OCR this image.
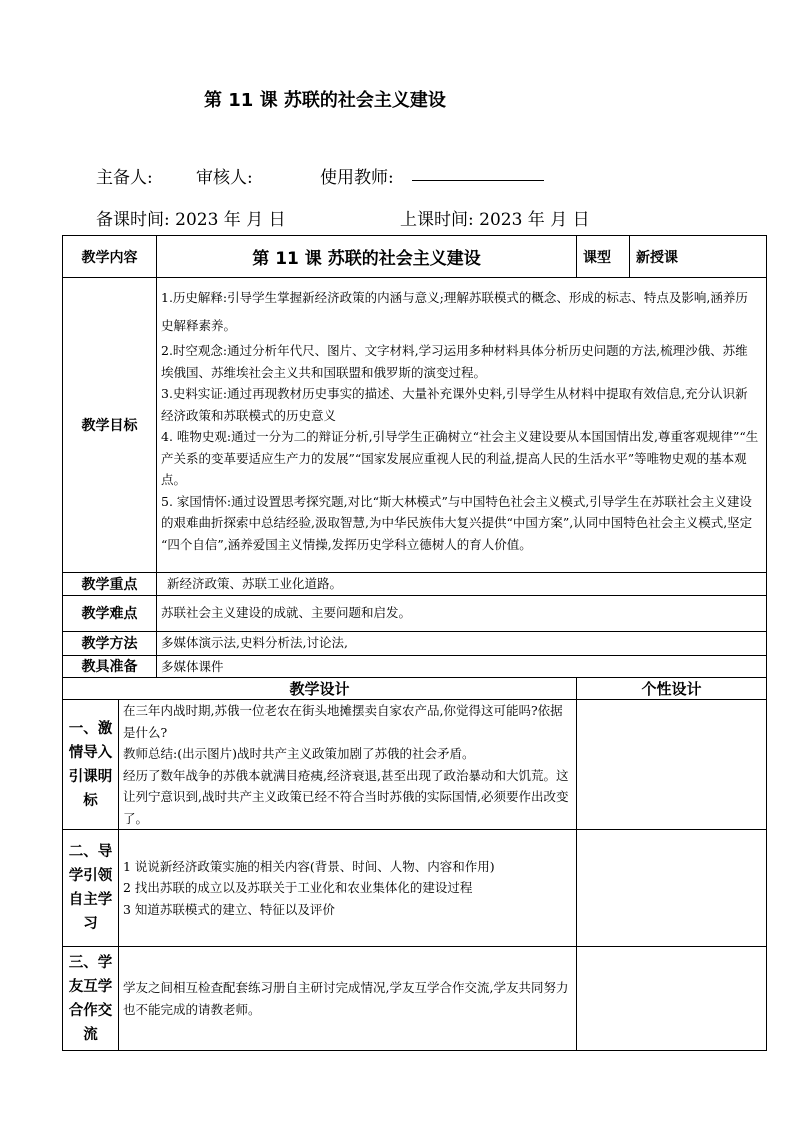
第 11 课 苏联的社会主义建设
主备人:	审核人:	使用教师:
备课时间: 2023 年 月 日	上课时间: 2023 年 月 日
教学内容		第 11 课 苏联的社会主义建设	课型	新授课
教学目标		1.历史解释:引导学生掌握新经济政策的内涵与意义;理解苏联模式的概念、形成的标志、特点及影响,涵养历史解释素养。

2.时空观念:通过分析年代尺、图片、文字材料,学习运用多种材料具体分析历史问题的方法,梳理沙俄、苏维埃俄国、苏维埃社会主义共和国联盟和俄罗斯的演变过程。

3.史料实证:通过再现教材历史事实的描述、大量补充课外史料,引导学生从材料中提取有效信息,充分认识新经济政策和苏联模式的历史意义

4. 唯物史观:通过一分为二的辩证分析,引导学生正确树立“社会主义建设要从本国国情出发,尊重客观规律”“生产关系的变革要适应生产力的发展”“国家发展应重视人民的利益,提高人民的生活水平”等唯物史观的基本观点。

5. 家国情怀:通过设置思考探究题,对比“斯大林模式”与中国特色社会主义模式,引导学生在苏联社会主义建设的艰难曲折探索中总结经验,汲取智慧,为中华民族伟大复兴提供“中国方案”,认同中国特色社会主义模式,坚定 “四个自信”,涵养爱国主义情操,发挥历史学科立德树人的育人价值。		

教学重点		新经济政策、苏联工业化道路。		
教学难点		苏联社会主义建设的成就、主要问题和启发。		
教学方法		多媒体演示法,史料分析法,讨论法,		
教具准备		多媒体课件		
教学设计			个性设计	
一、激情导入引课明标	在三年内战时期,苏俄一位老农在街头地摊摆卖自家农产品,你觉得这可能吗?依据是什么?

教师总结:(出示图片)战时共产主义政策加剧了苏俄的社会矛盾。

经历了数年战争的苏俄本就满目疮痍,经济衰退,甚至出现了政治暴动和大饥荒。这让列宁意识到,战时共产主义政策已经不符合当时苏俄的实际国情,必须要作出改变了。			

二、导学引领自主学习	1 说说新经济政策实施的相关内容(背景、时间、人物、内容和作用)

2 找出苏联的成立以及苏联关于工业化和农业集体化的建设过程

3 知道苏联模式的建立、特征以及评价			

三、学友互学合作交流	学友之间相互检查配套练习册自主研讨完成情况,学友互学合作交流,学友共同努力也不能完成的请教老师。			
